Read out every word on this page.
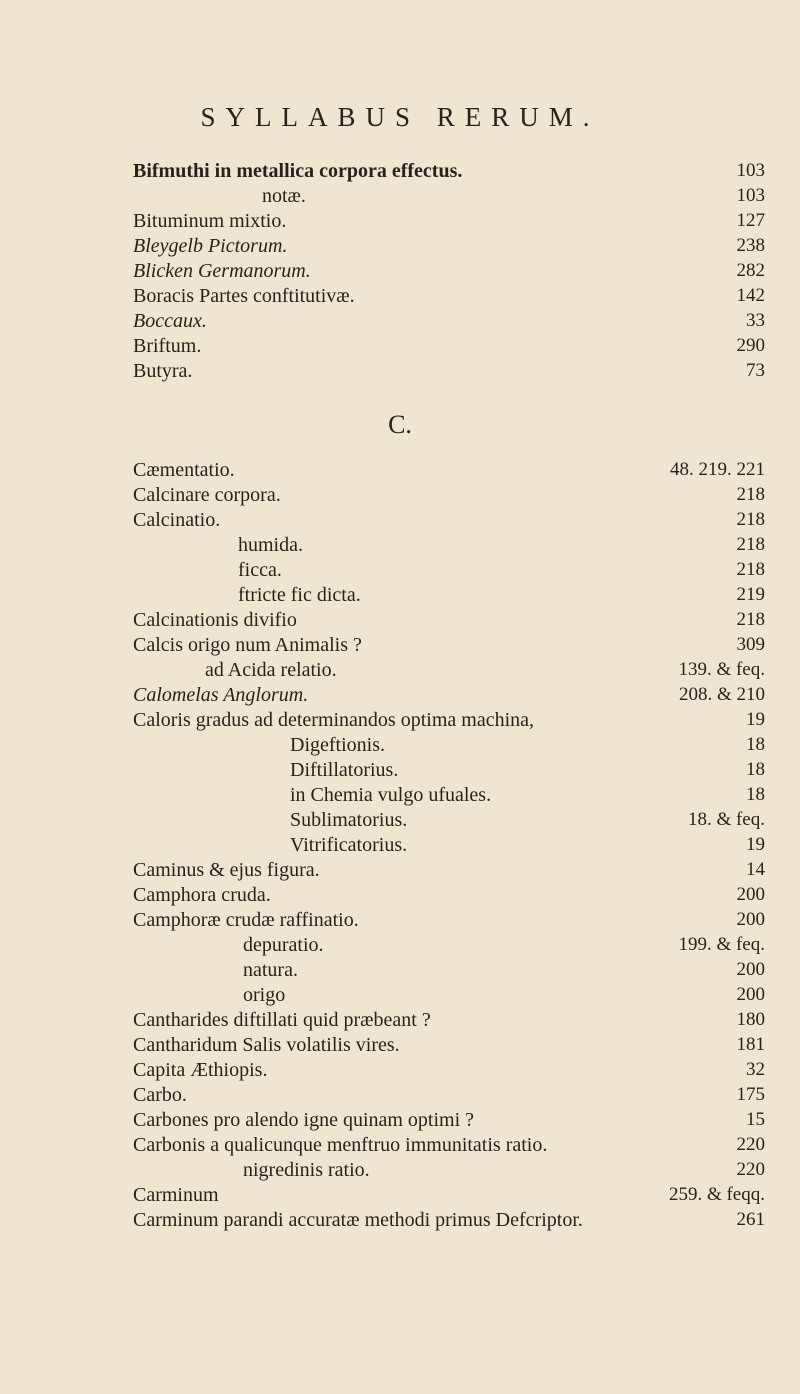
SYLLABUS RERUM.
Bifmuthi in metallica corpora effectus.	103
notæ.	103
Bituminum mixtio.	127
Bleygelb Pictorum.	238
Blicken Germanorum.	282
Boracis Partes conftitutivæ.	142
Boccaux.	33
Briftum.	290
Butyra.	73
C.
Cæmentatio.	48. 219. 221
Calcinare corpora.	218
Calcinatio.	218
humida.	218
ficca.	218
ftricte fic dicta.	219
Calcinationis divifio	218
Calcis origo num Animalis ?	309
ad Acida relatio.	139. & feq.
Calomelas Anglorum.	208. & 210
Caloris gradus ad determinandos optima machina,	19
Digeftionis.	18
Diftillatorius.	18
in Chemia vulgo ufuales.	18
Sublimatorius.	18. & feq.
Vitrificatorius.	19
Caminus & ejus figura.	14
Camphora cruda.	200
Camphoræ crudæ raffinatio.	200
depuratio.	199. & feq.
natura.	200
origo	200
Cantharides diftillati quid præbeant ?	180
Cantharidum Salis volatilis vires.	181
Capita Æthiopis.	32
Carbo.	175
Carbones pro alendo igne quinam optimi ?	15
Carbonis a qualicunque menftruo immunitatis ratio.	220
nigredinis ratio.	220
Carminum	259. & feqq.
Carminum parandi accuratæ methodi primus Defcriptor.	261
